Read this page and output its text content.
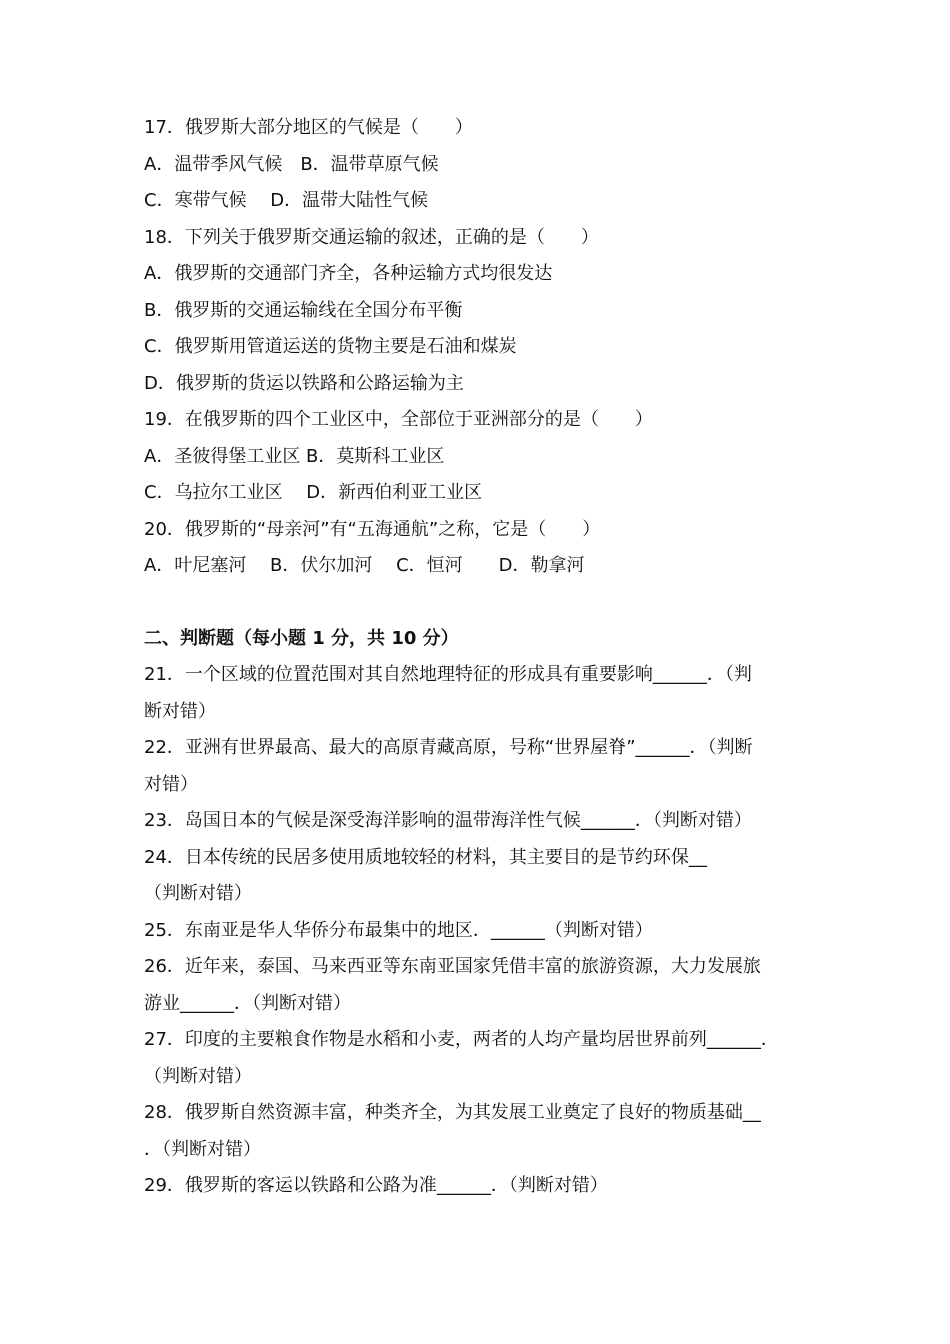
17．俄罗斯大部分地区的气候是（　　）

A．温带季风气候　B．温带草原气候

C．寒带气候　 D．温带大陆性气候

18．下列关于俄罗斯交通运输的叙述，正确的是（　　）

A．俄罗斯的交通部门齐全，各种运输方式均很发达

B．俄罗斯的交通运输线在全国分布平衡

C．俄罗斯用管道运送的货物主要是石油和煤炭

D．俄罗斯的货运以铁路和公路运输为主

19．在俄罗斯的四个工业区中，全部位于亚洲部分的是（　　）

A．圣彼得堡工业区 B．莫斯科工业区

C．乌拉尔工业区　 D．新西伯利亚工业区

20．俄罗斯的“母亲河”有“五海通航”之称，它是（　　）

A．叶尼塞河　 B．伏尔加河　 C．恒河　　D．勒拿河

二、判断题（每小题 1 分，共 10 分）

21．一个区域的位置范围对其自然地理特征的形成具有重要影响______．（判

断对错）

22．亚洲有世界最高、最大的高原青藏高原，号称“世界屋脊”______．（判断

对错）

23．岛国日本的气候是深受海洋影响的温带海洋性气候______．（判断对错）

24．日本传统的民居多使用质地较轻的材料，其主要目的是节约环保__

（判断对错）

25．东南亚是华人华侨分布最集中的地区．______（判断对错）

26．近年来，泰国、马来西亚等东南亚国家凭借丰富的旅游资源，大力发展旅

游业______．（判断对错）

27．印度的主要粮食作物是水稻和小麦，两者的人均产量均居世界前列______．

（判断对错）

28．俄罗斯自然资源丰富，种类齐全，为其发展工业奠定了良好的物质基础__

．（判断对错）

29．俄罗斯的客运以铁路和公路为准______．（判断对错）
